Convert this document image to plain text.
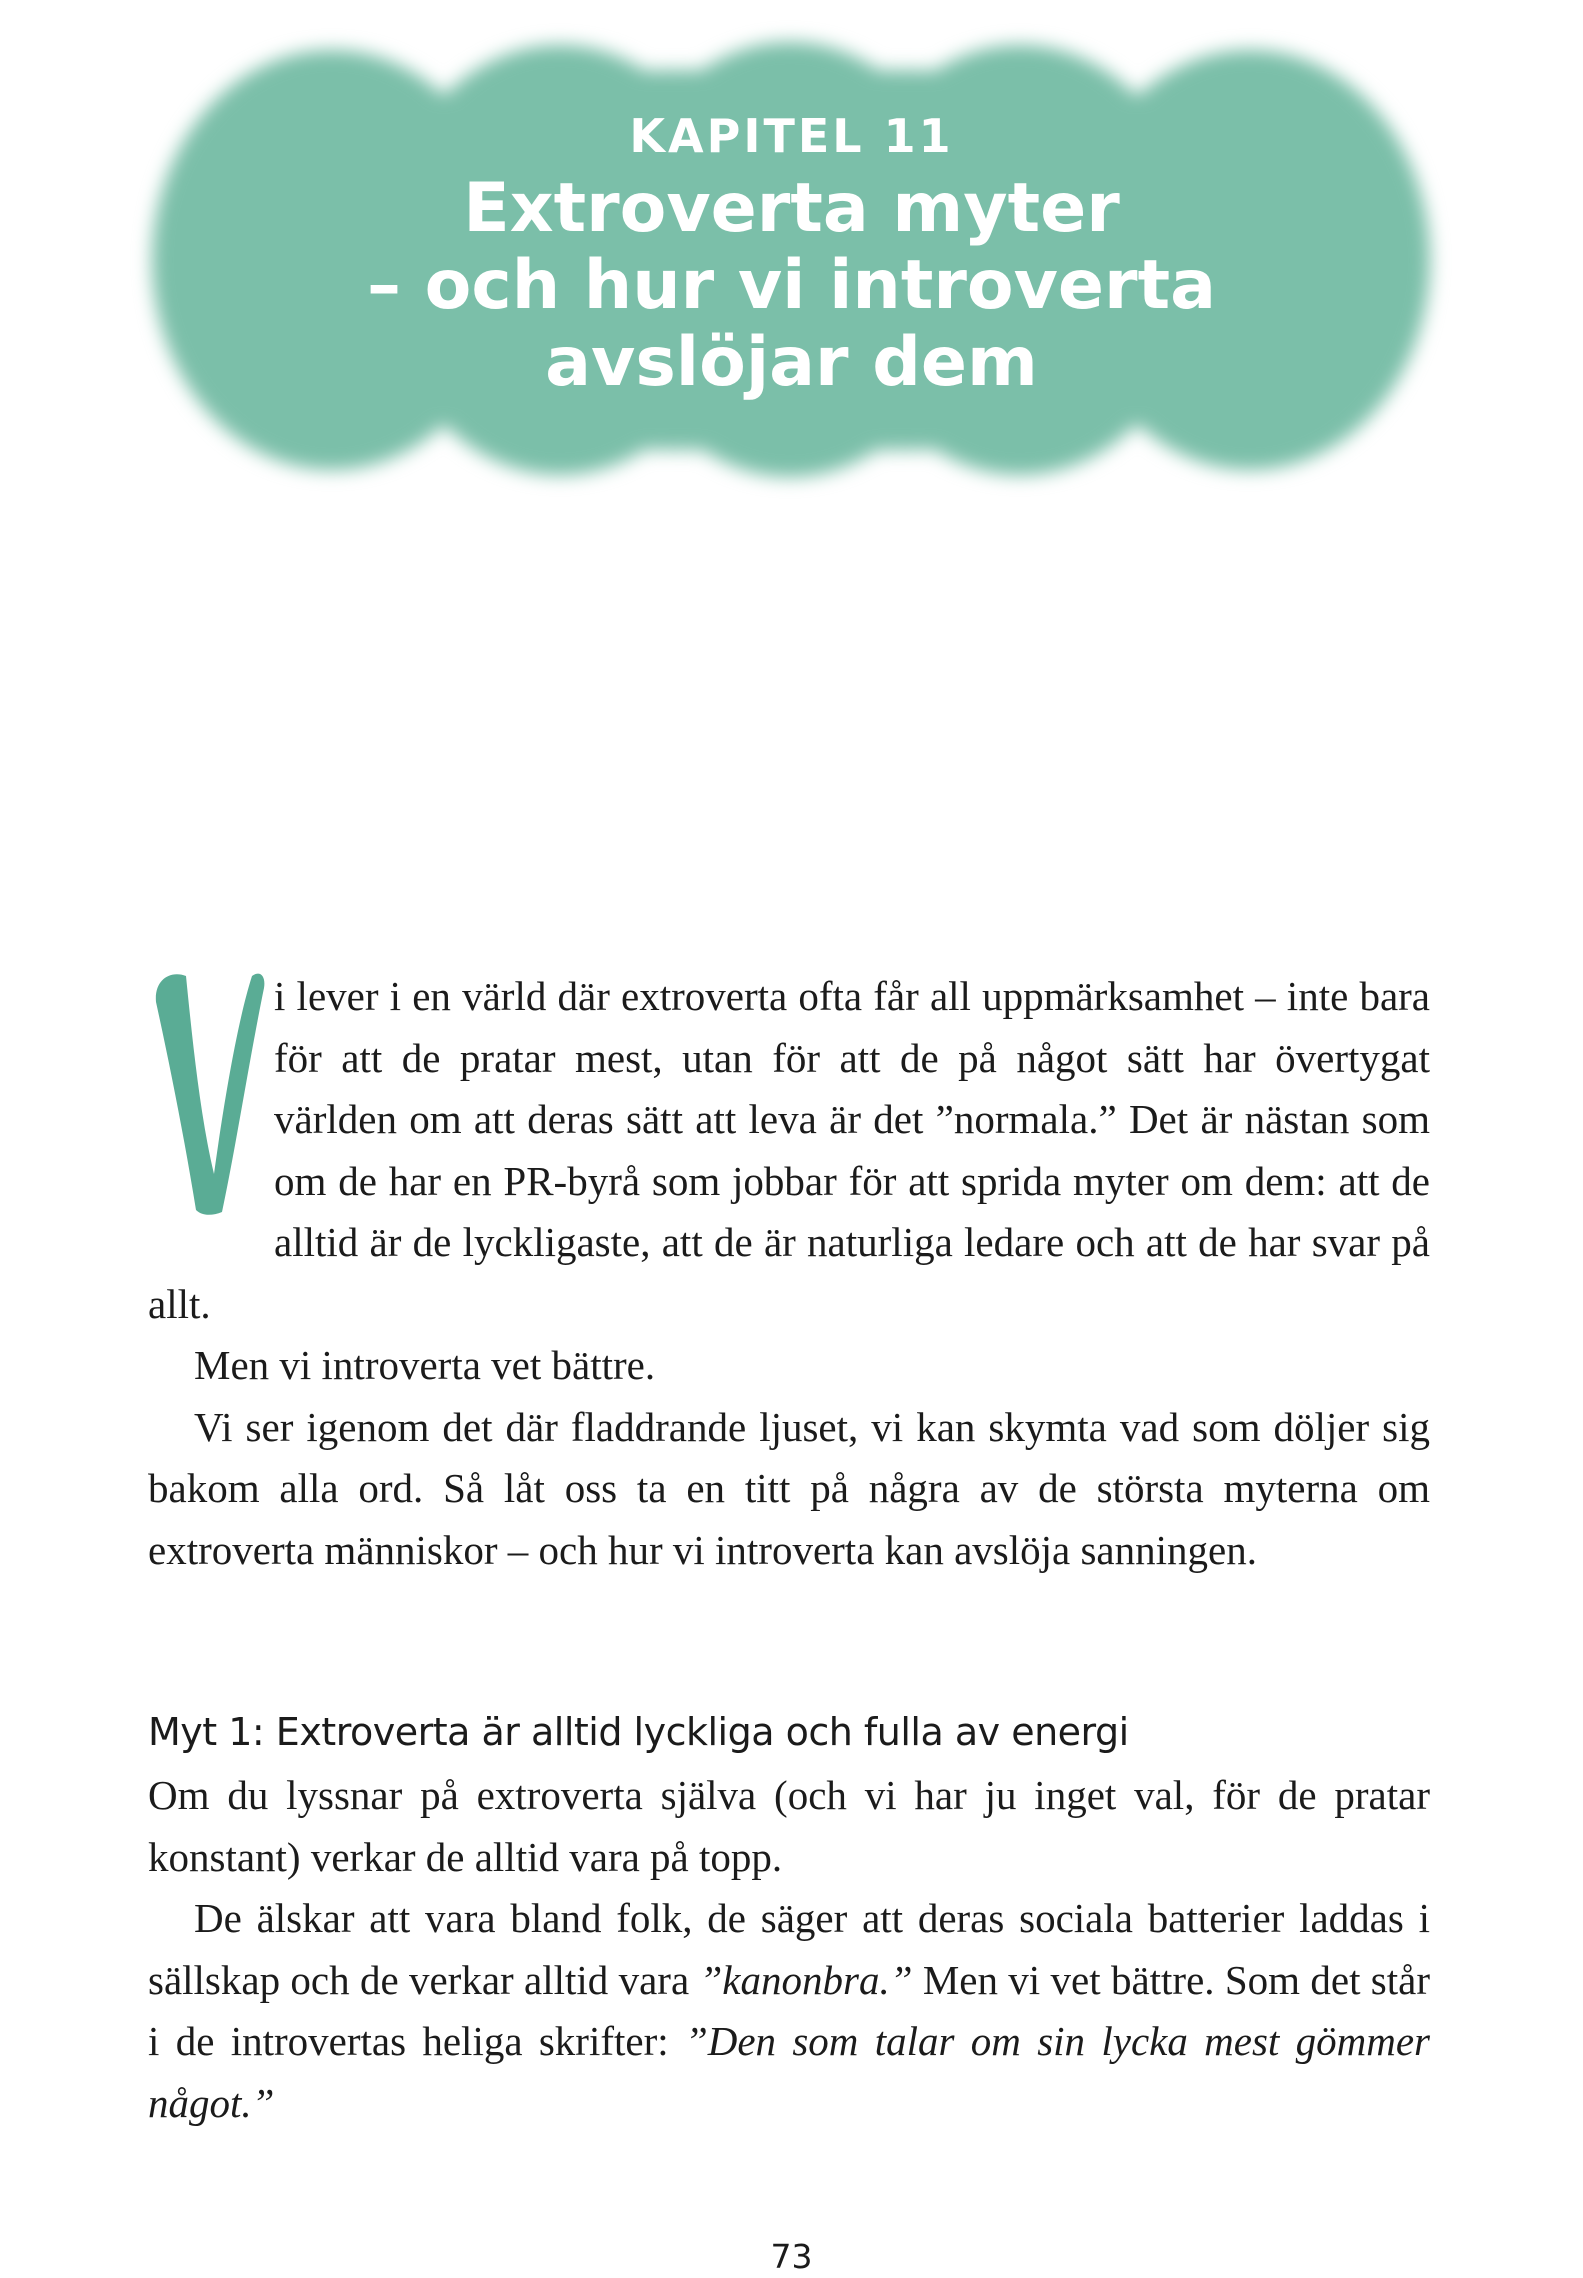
KAPITEL 11
Extroverta myter
– och hur vi introverta
avslöjar dem

i lever i en värld där extroverta ofta får all uppmärksamhet – inte bara för att de pratar mest, utan för att de på något sätt har övertygat världen om att deras sätt att leva är det ”normala.” Det är nästan som om de har en PR-byrå som jobbar för att sprida myter om dem: att de alltid är de lyckligaste, att de är naturliga ledare och att de har svar på allt.

Men vi introverta vet bättre.

Vi ser igenom det där fladdrande ljuset, vi kan skymta vad som döljer sig bakom alla ord. Så låt oss ta en titt på några av de största myterna om extroverta människor – och hur vi introverta kan avslöja sanningen.

Myt 1: Extroverta är alltid lyckliga och fulla av energi

Om du lyssnar på extroverta själva (och vi har ju inget val, för de pratar konstant) verkar de alltid vara på topp.

De älskar att vara bland folk, de säger att deras sociala batterier laddas i sällskap och de verkar alltid vara ”kanonbra.” Men vi vet bättre. Som det står i de introvertas heliga skrifter: ”Den som talar om sin lycka mest gömmer något.”

73
